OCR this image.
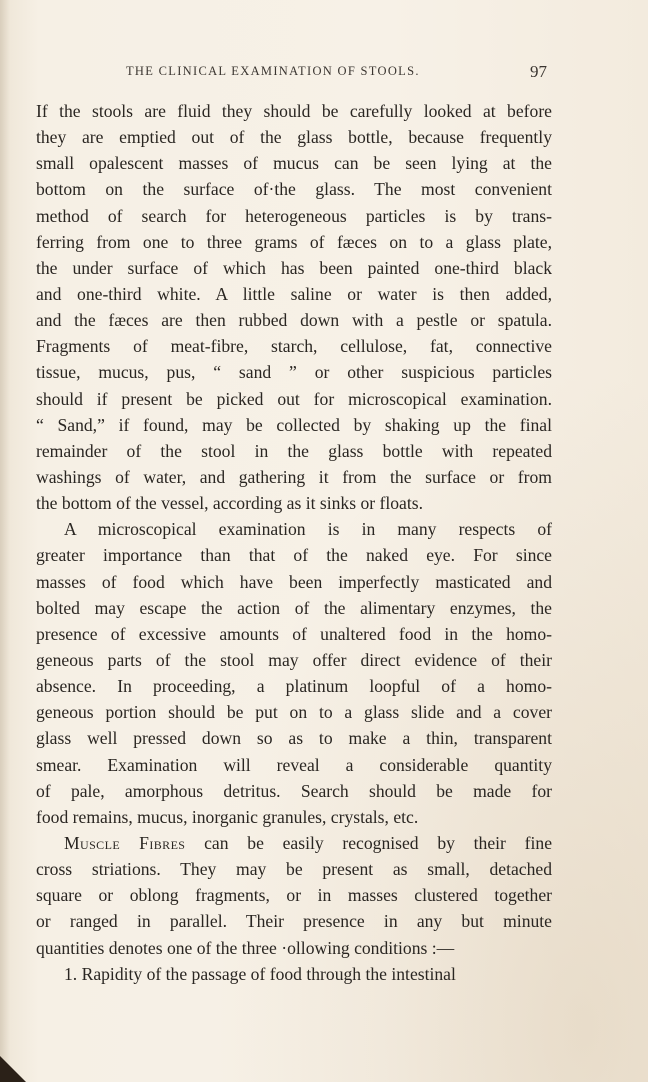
THE CLINICAL EXAMINATION OF STOOLS.	97
If the stools are fluid they should be carefully looked at before
they are emptied out of the glass bottle, because frequently
small opalescent masses of mucus can be seen lying at the
bottom on the surface of·the glass. The most convenient
method of search for heterogeneous particles is by trans-
ferring from one to three grams of fæces on to a glass plate,
the under surface of which has been painted one-third black
and one-third white. A little saline or water is then added,
and the fæces are then rubbed down with a pestle or spatula.
Fragments of meat-fibre, starch, cellulose, fat, connective
tissue, mucus, pus, “ sand ” or other suspicious particles
should if present be picked out for microscopical examination.
“ Sand,” if found, may be collected by shaking up the final
remainder of the stool in the glass bottle with repeated
washings of water, and gathering it from the surface or from
the bottom of the vessel, according as it sinks or floats.
A microscopical examination is in many respects of
greater importance than that of the naked eye. For since
masses of food which have been imperfectly masticated and
bolted may escape the action of the alimentary enzymes, the
presence of excessive amounts of unaltered food in the homo-
geneous parts of the stool may offer direct evidence of their
absence. In proceeding, a platinum loopful of a homo-
geneous portion should be put on to a glass slide and a cover
glass well pressed down so as to make a thin, transparent
smear. Examination will reveal a considerable quantity
of pale, amorphous detritus. Search should be made for
food remains, mucus, inorganic granules, crystals, etc.
Muscle Fibres can be easily recognised by their fine
cross striations. They may be present as small, detached
square or oblong fragments, or in masses clustered together
or ranged in parallel. Their presence in any but minute
quantities denotes one of the three ·ollowing conditions :—
1. Rapidity of the passage of food through the intestinal
